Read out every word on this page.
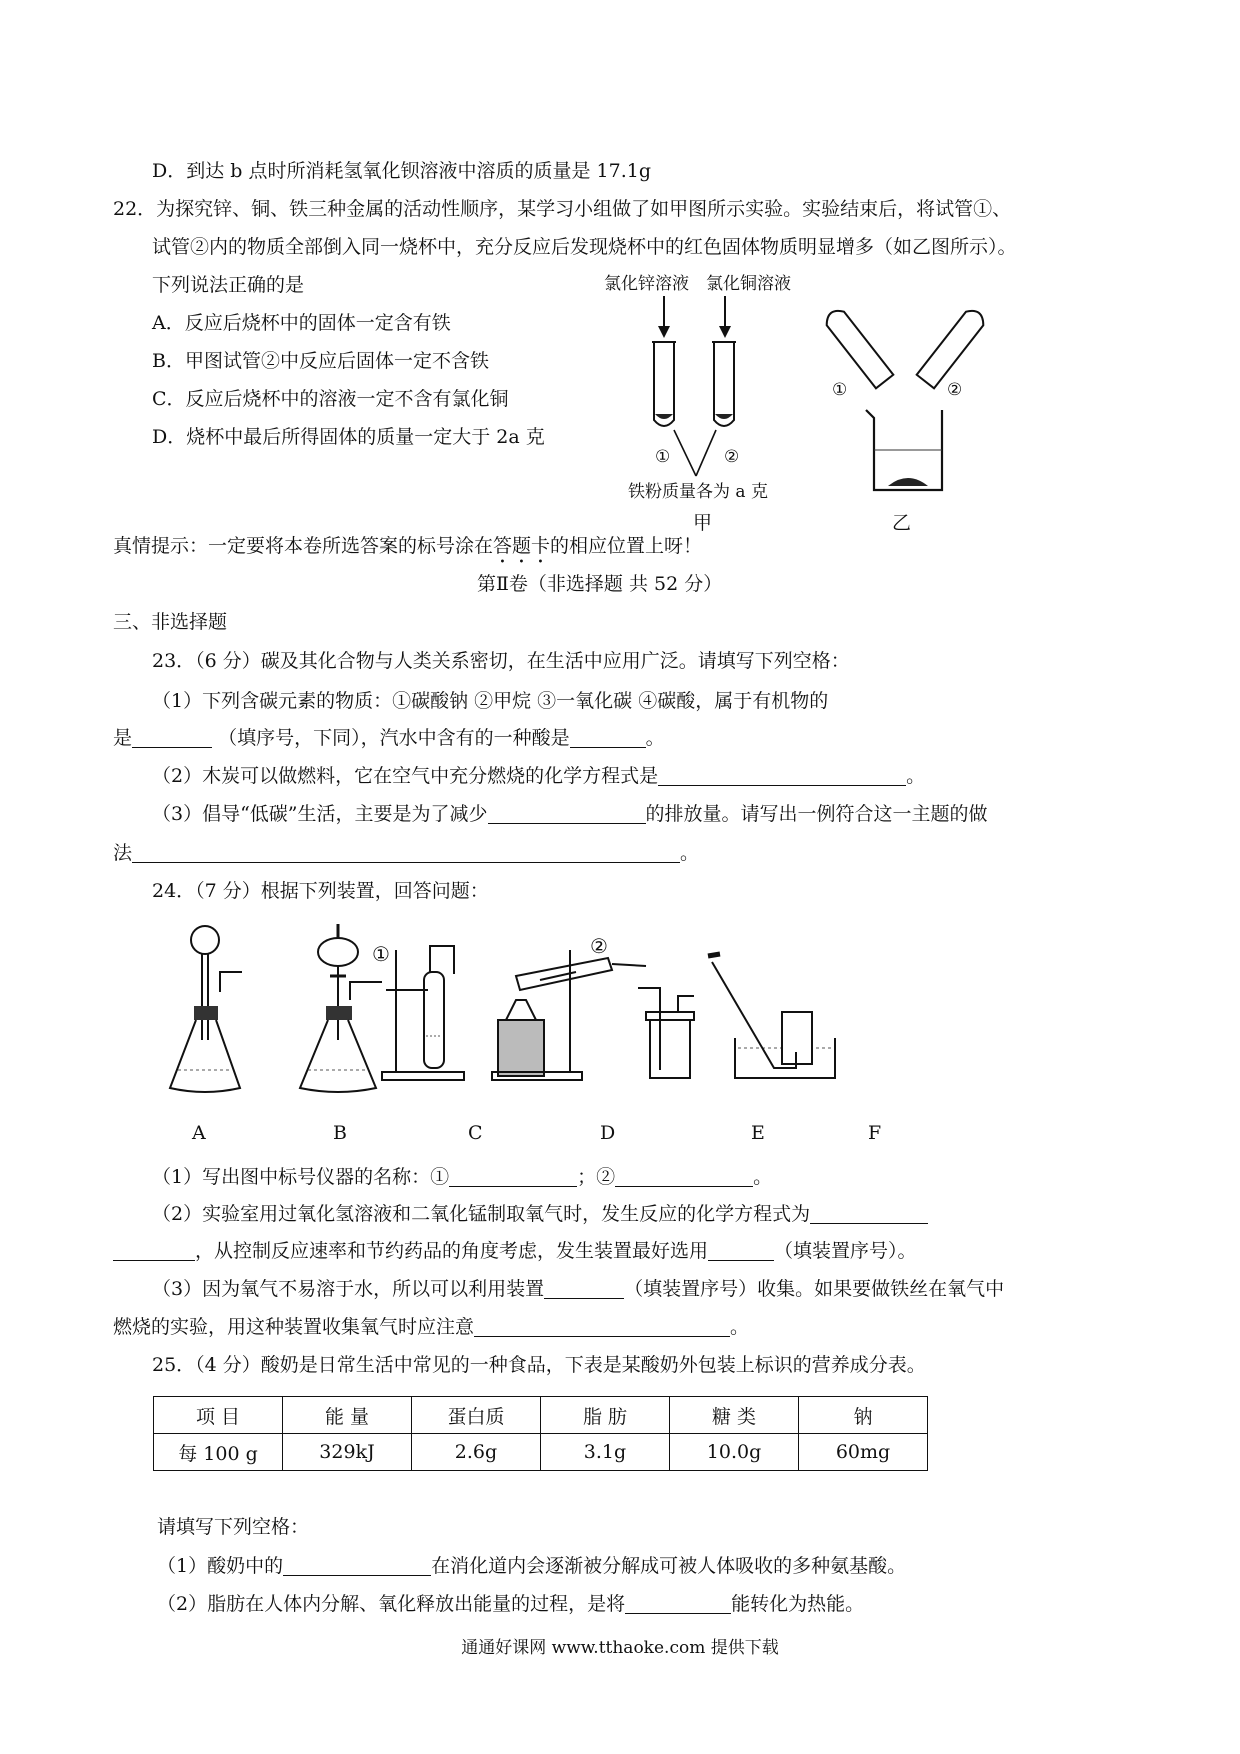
D．到达 b 点时所消耗氢氧化钡溶液中溶质的质量是 17.1g
22．为探究锌、铜、铁三种金属的活动性顺序，某学习小组做了如甲图所示实验。实验结束后，将试管①、
试管②内的物质全部倒入同一烧杯中，充分反应后发现烧杯中的红色固体物质明显增多（如乙图所示）。
下列说法正确的是
A．反应后烧杯中的固体一定含有铁
B．甲图试管②中反应后固体一定不含铁
C．反应后烧杯中的溶液一定不含有氯化铜
D．烧杯中最后所得固体的质量一定大于 2a 克
氯化锌溶液 氯化铜溶液
①	②
铁粉质量各为 a 克
甲
①	②
乙
真情提示：一定要将本卷所选答案的标号涂在答题卡的相应位置上呀！
第Ⅱ卷（非选择题 共 52 分）
三、非选择题
23．（6 分）碳及其化合物与人类关系密切，在生活中应用广泛。请填写下列空格：
（1）下列含碳元素的物质：①碳酸钠 ②甲烷 ③一氧化碳 ④碳酸，属于有机物的
是	（填序号，下同），汽水中含有的一种酸是	。
（2）木炭可以做燃料，它在空气中充分燃烧的化学方程式是	。
（3）倡导“低碳”生活，主要是为了减少	的排放量。请写出一例符合这一主题的做
法	。
24．（7 分）根据下列装置，回答问题：
A	B	C	D	E	F
①	②
（1）写出图中标号仪器的名称：①	；②	。
（2）实验室用过氧化氢溶液和二氧化锰制取氧气时，发生反应的化学方程式为
，从控制反应速率和节约药品的角度考虑，发生装置最好选用	（填装置序号）。
（3）因为氧气不易溶于水，所以可以利用装置	（填装置序号）收集。如果要做铁丝在氧气中
燃烧的实验，用这种装置收集氧气时应注意	。
25．（4 分）酸奶是日常生活中常见的一种食品，下表是某酸奶外包装上标识的营养成分表。
项 目	能 量	蛋白质	脂 肪	糖 类	钠
每 100 g	329kJ	2.6g	3.1g	10.0g	60mg
请填写下列空格：
（1）酸奶中的	在消化道内会逐渐被分解成可被人体吸收的多种氨基酸。
（2）脂肪在人体内分解、氧化释放出能量的过程，是将	能转化为热能。
通通好课网 www.tthaoke.com 提供下载
